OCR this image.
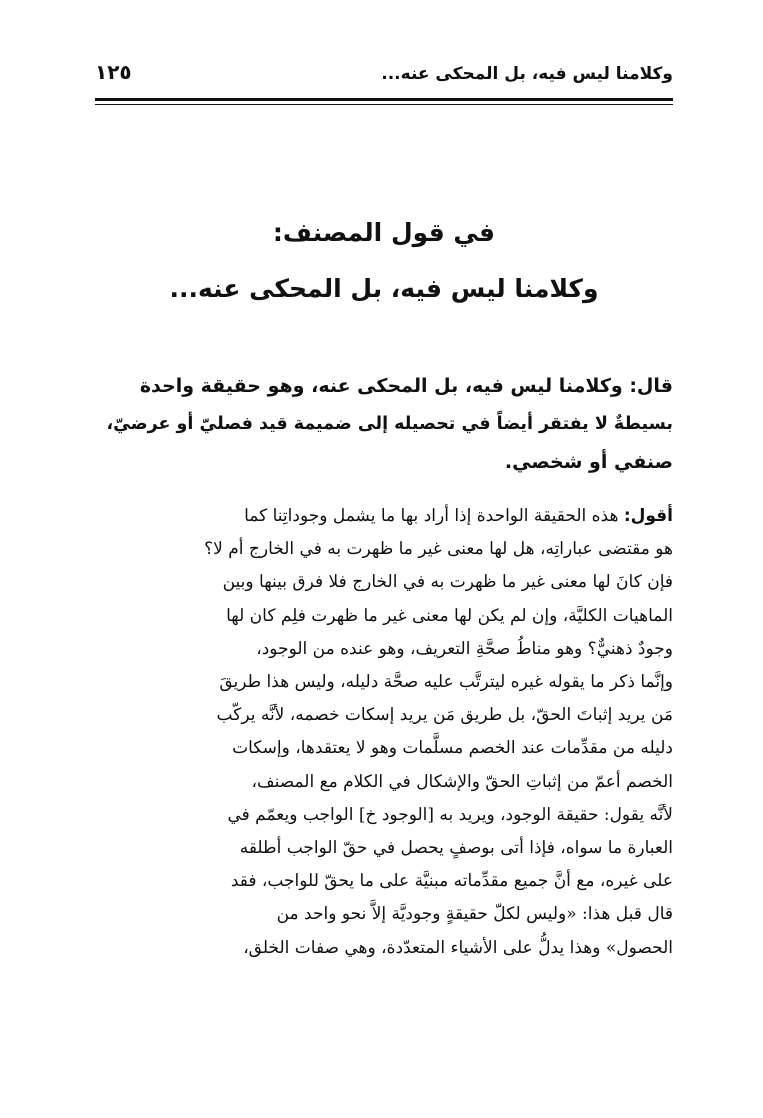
وكلامنا ليس فيه، بل المحكى عنه...
١٢٥
في قول المصنف:
وكلامنا ليس فيه، بل المحكى عنه...
قال: وكلامنا ليس فيه، بل المحكى عنه، وهو حقيقة واحدة
بسيطةٌ لا يفتقر أيضاً في تحصيله إلى ضميمة قيد فصليّ أو عرضيّ،
صنفي أو شخصي.
أقول: هذه الحقيقة الواحدة إذا أراد بها ما يشمل وجوداتِنا كما
هو مقتضى عباراتِه، هل لها معنى غير ما ظهرت به في الخارج أم لا؟
فإن كانَ لها معنى غير ما ظهرت به في الخارج فلا فرق بينها وبين
الماهيات الكليَّة، وإن لم يكن لها معنى غير ما ظهرت فلِم كان لها
وجودٌ ذهنيٌّ؟ وهو مناطُ صحَّةِ التعريف، وهو عنده من الوجود،
وإنَّما ذكر ما يقوله غيره ليترتَّب عليه صحَّة دليله، وليس هذا طريقَ
مَن يريد إثباتَ الحقّ، بل طريق مَن يريد إسكات خصمه، لأنَّه يركّب
دليله من مقدِّمات عند الخصم مسلَّمات وهو لا يعتقدها، وإسكات
الخصم أعمّ من إثباتِ الحقّ والإشكال في الكلام مع المصنف،
لأنَّه يقول: حقيقة الوجود، ويريد به [الوجود خ] الواجب ويعمّم في
العبارة ما سواه، فإذا أتى بوصفٍ يحصل في حقّ الواجب أطلقه
على غيره، مع أنَّ جميع مقدِّماته مبنيَّة على ما يحقّ للواجب، فقد
قال قبل هذا: «وليس لكلّ حقيقةٍ وجوديَّة إلاَّ نحو واحد من
الحصول» وهذا يدلُّ على الأشياء المتعدّدة، وهي صفات الخلق،
